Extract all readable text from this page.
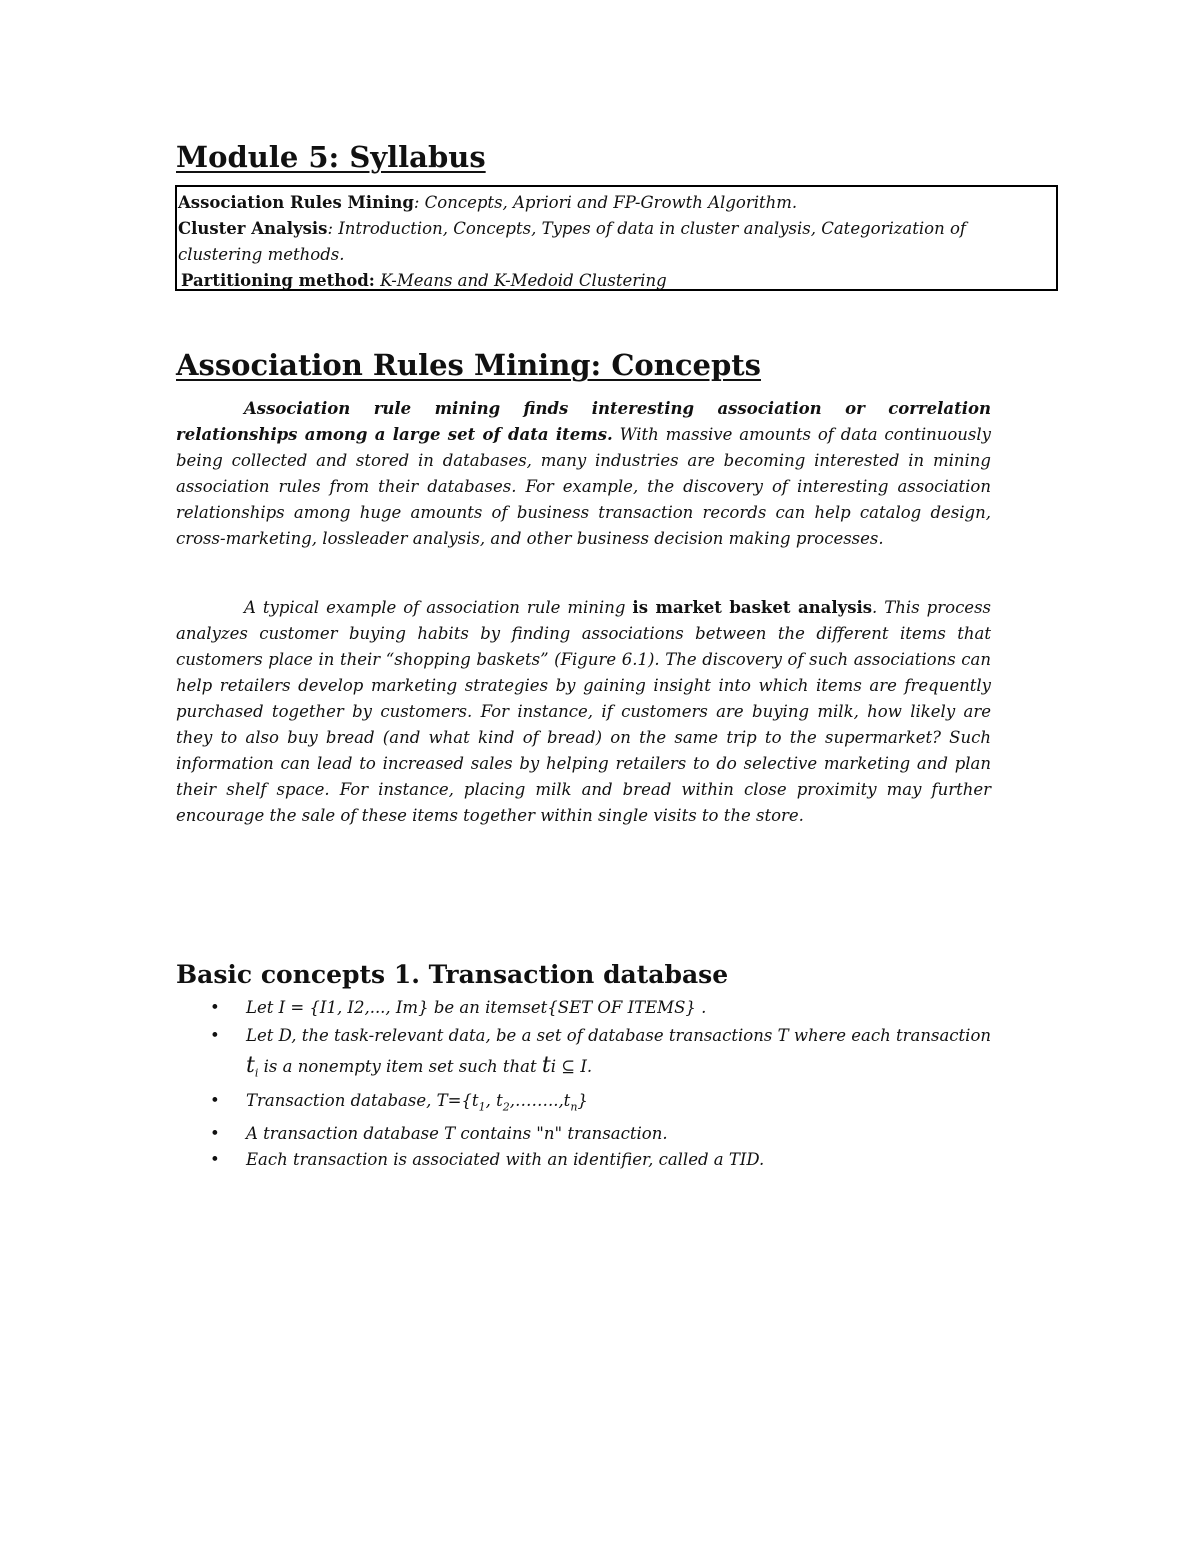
Module 5: Syllabus
Association Rules Mining: Concepts, Apriori and FP-Growth Algorithm.
Cluster Analysis: Introduction, Concepts, Types of data in cluster analysis, Categorization of
clustering methods.
Partitioning method: K-Means and K-Medoid Clustering
Association Rules Mining: Concepts

Association rule mining finds interesting association or correlation relationships among a large set of data items. With massive amounts of data continuously being collected and stored in databases, many industries are becoming interested in mining association rules from their databases. For example, the discovery of interesting association relationships among huge amounts of business transaction records can help catalog design, cross-marketing, lossleader analysis, and other business decision making processes.

A typical example of association rule mining is market basket analysis. This process analyzes customer buying habits by finding associations between the different items that customers place in their “shopping baskets” (Figure 6.1). The discovery of such associations can help retailers develop marketing strategies by gaining insight into which items are frequently purchased together by customers. For instance, if customers are buying milk, how likely are they to also buy bread (and what kind of bread) on the same trip to the supermarket? Such information can lead to increased sales by helping retailers to do selective marketing and plan their shelf space. For instance, placing milk and bread within close proximity may further encourage the sale of these items together within single visits to the store.

Basic concepts 1. Transaction database
• Let I = {I1, I2,..., Im} be an itemset{SET OF ITEMS} .
• Let D, the task-relevant data, be a set of database transactions T where each transaction $t_i$ is a nonempty item set such that ti ⊆ I.
• Transaction database, $T=\{t_1$, $t_2,\dots\dots..,t_n$}
• A transaction database T contains "n" transaction.
• Each transaction is associated with an identifier, called a TID.
